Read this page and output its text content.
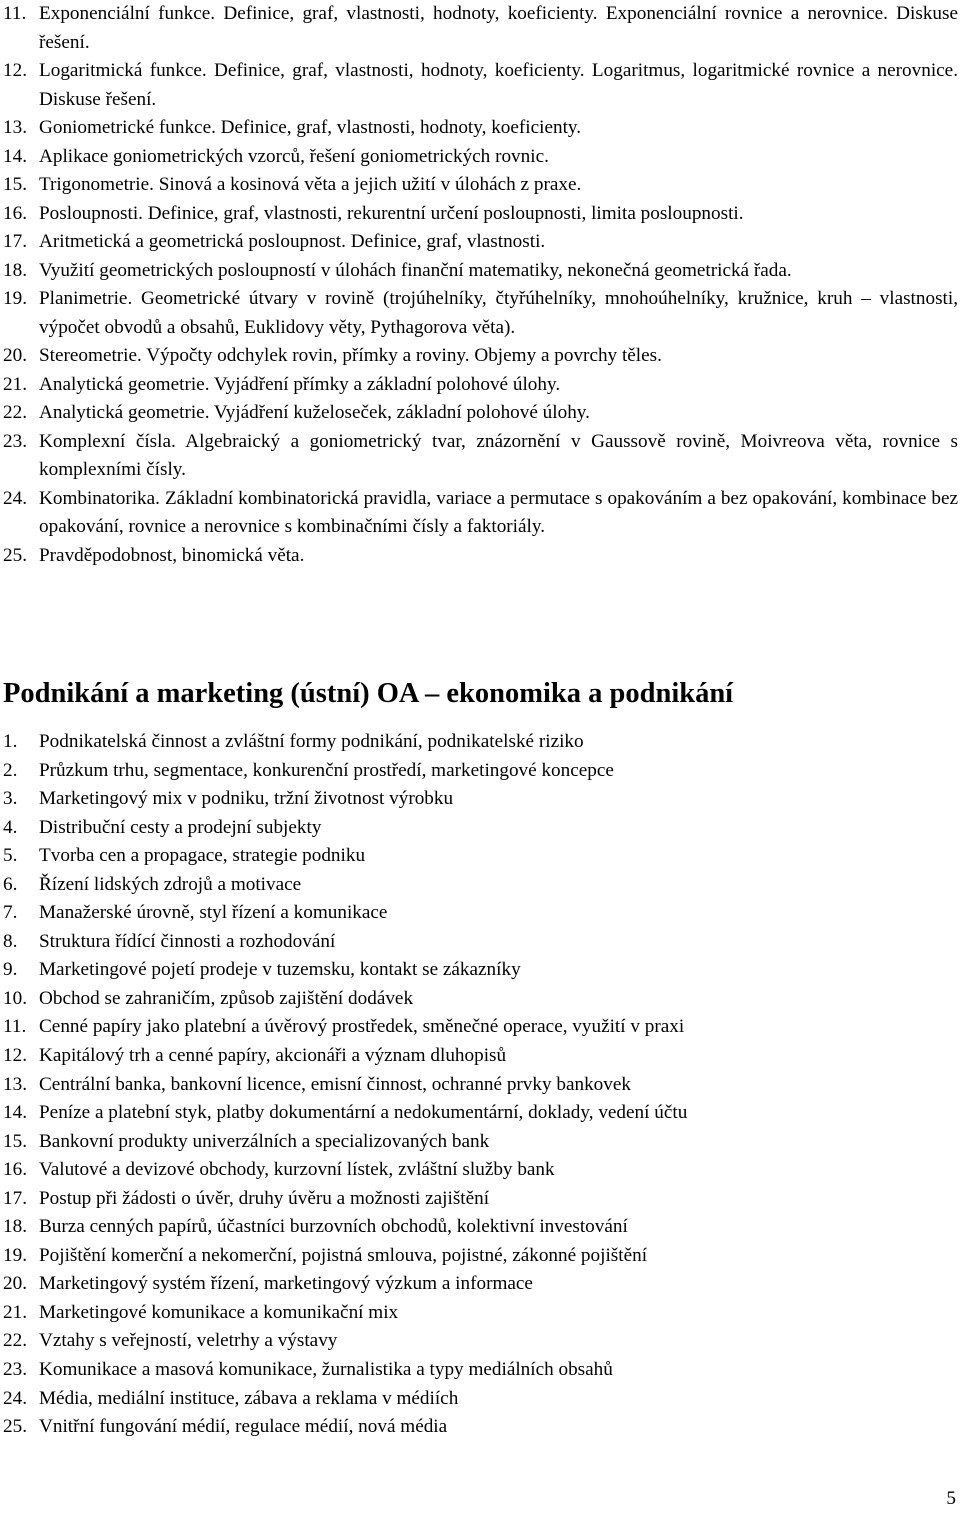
11. Exponenciální funkce. Definice, graf, vlastnosti, hodnoty, koeficienty. Exponenciální rovnice a nerovnice. Diskuse řešení.
12. Logaritmická funkce. Definice, graf, vlastnosti, hodnoty, koeficienty. Logaritmus, logaritmické rovnice a nerovnice. Diskuse řešení.
13. Goniometrické funkce. Definice, graf, vlastnosti, hodnoty, koeficienty.
14. Aplikace goniometrických vzorců, řešení goniometrických rovnic.
15. Trigonometrie. Sinová a kosinová věta a jejich užití v úlohách z praxe.
16. Posloupnosti. Definice, graf, vlastnosti, rekurentní určení posloupnosti, limita posloupnosti.
17. Aritmetická a geometrická posloupnost. Definice, graf, vlastnosti.
18. Využití geometrických posloupností v úlohách finanční matematiky, nekonečná geometrická řada.
19. Planimetrie. Geometrické útvary v rovině (trojúhelníky, čtyřúhelníky, mnohoúhelníky, kružnice, kruh – vlastnosti, výpočet obvodů a obsahů, Euklidovy věty, Pythagorova věta).
20. Stereometrie. Výpočty odchylek rovin, přímky a roviny. Objemy a povrchy těles.
21. Analytická geometrie. Vyjádření přímky a základní polohové úlohy.
22. Analytická geometrie. Vyjádření kuželoseček, základní polohové úlohy.
23. Komplexní čísla. Algebraický a goniometrický tvar, znázornění v Gaussově rovině, Moivreova věta, rovnice s komplexními čísly.
24. Kombinatorika. Základní kombinatorická pravidla, variace a permutace s opakováním a bez opakování, kombinace bez opakování, rovnice a nerovnice s kombinačními čísly a faktoriály.
25. Pravděpodobnost, binomická věta.
Podnikání a marketing (ústní) OA – ekonomika a podnikání
1.	Podnikatelská činnost a zvláštní formy podnikání, podnikatelské riziko
2.	Průzkum trhu, segmentace, konkurenční prostředí, marketingové koncepce
3.	Marketingový mix v podniku, tržní životnost výrobku
4.	Distribuční cesty a prodejní subjekty
5.	Tvorba cen a propagace, strategie podniku
6.	Řízení lidských zdrojů a motivace
7.	Manažerské úrovně, styl řízení a komunikace
8.	Struktura řídící činnosti a rozhodování
9.	Marketingové pojetí prodeje v tuzemsku, kontakt se zákazníky
10. Obchod se zahraničím, způsob zajištění dodávek
11. Cenné papíry jako platební a úvěrový prostředek, směnečné operace, využití v praxi
12. Kapitálový trh a cenné papíry, akcionáři a význam dluhopisů
13. Centrální banka, bankovní licence, emisní činnost, ochranné prvky bankovek
14. Peníze a platební styk, platby dokumentární a nedokumentární, doklady, vedení účtu
15. Bankovní produkty univerzálních a specializovaných bank
16. Valutové a devizové obchody, kurzovní lístek, zvláštní služby bank
17. Postup při žádosti o úvěr, druhy úvěru a možnosti zajištění
18. Burza cenných papírů, účastníci burzovních obchodů, kolektivní investování
19. Pojištění komerční a nekomerční, pojistná smlouva, pojistné, zákonné pojištění
20. Marketingový systém řízení, marketingový výzkum a informace
21. Marketingové komunikace a komunikační mix
22. Vztahy s veřejností, veletrhy a výstavy
23. Komunikace a masová komunikace, žurnalistika a typy mediálních obsahů
24. Média, mediální instituce, zábava a reklama v médiích
25. Vnitřní fungování médií, regulace médií, nová média
5
